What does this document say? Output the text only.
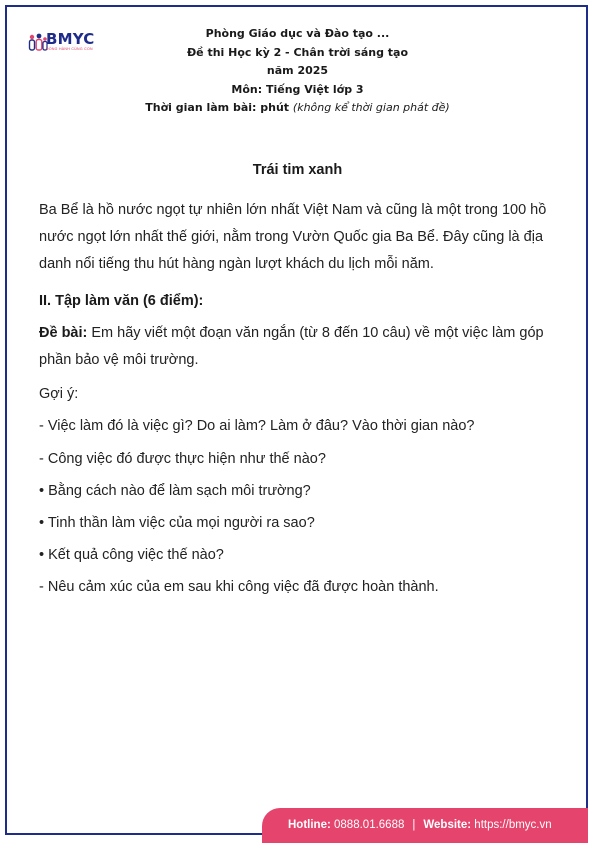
BMYC
ĐỒNG HÀNH CÙNG CON
Phòng Giáo dục và Đào tạo ...
Đề thi Học kỳ 2 - Chân trời sáng tạo
năm 2025
Môn: Tiếng Việt lớp 3
Thời gian làm bài: phút (không kể thời gian phát đề)
Trái tim xanh
Ba Bể là hồ nước ngọt tự nhiên lớn nhất Việt Nam và cũng là một trong 100 hồ nước ngọt lớn nhất thế giới, nằm trong Vườn Quốc gia Ba Bể. Đây cũng là địa danh nổi tiếng thu hút hàng ngàn lượt khách du lịch mỗi năm.
II. Tập làm văn (6 điểm):
Đề bài: Em hãy viết một đoạn văn ngắn (từ 8 đến 10 câu) về một việc làm góp phần bảo vệ môi trường.
Gợi ý:
- Việc làm đó là việc gì? Do ai làm? Làm ở đâu? Vào thời gian nào?
- Công việc đó được thực hiện như thế nào?
• Bằng cách nào để làm sạch môi trường?
• Tinh thần làm việc của mọi người ra sao?
• Kết quả công việc thế nào?
- Nêu cảm xúc của em sau khi công việc đã được hoàn thành.
Hotline: 0888.01.6688 | Website: https://bmyc.vn
